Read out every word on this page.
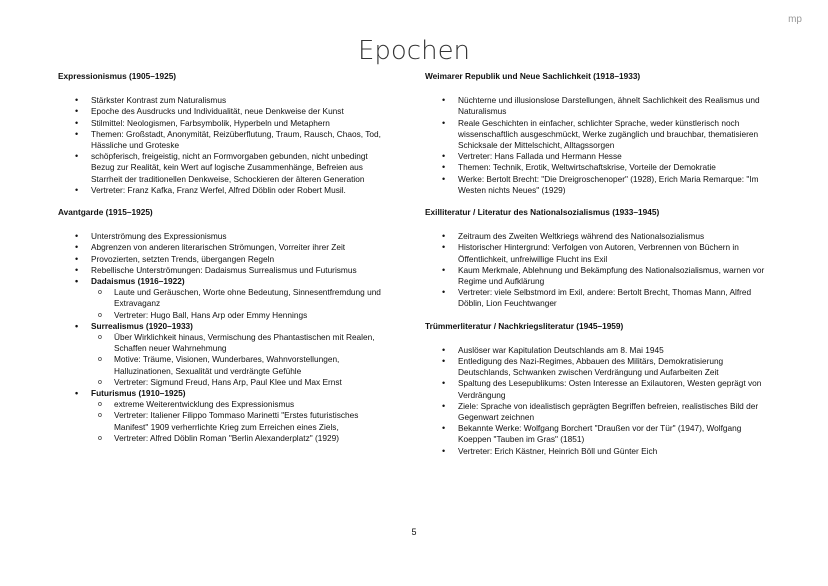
mp
Epochen
Expressionismus (1905–1925)
• Stärkster Kontrast zum Naturalismus
• Epoche des Ausdrucks und Individualität, neue Denkweise der Kunst
• Stilmittel: Neologismen, Farbsymbolik, Hyperbeln und Metaphern
• Themen: Großstadt, Anonymität, Reizüberflutung, Traum, Rausch, Chaos, Tod, Hässliche und Groteske
• schöpferisch, freigeistig, nicht an Formvorgaben gebunden, nicht unbedingt Bezug zur Realität, kein Wert auf logische Zusammenhänge, Befreien aus Starrheit der traditionellen Denkweise, Schockieren der älteren Generation
• Vertreter: Franz Kafka, Franz Werfel, Alfred Döblin oder Robert Musil.
Avantgarde (1915–1925)
• Unterströmung des Expressionismus
• Abgrenzen von anderen literarischen Strömungen, Vorreiter ihrer Zeit
• Provozierten, setzten Trends, übergangen Regeln
• Rebellische Unterströmungen: Dadaismus Surrealismus und Futurismus
• Dadaismus (1916–1922)
o Laute und Geräuschen, Worte ohne Bedeutung, Sinnesentfremdung und Extravaganz
o Vertreter: Hugo Ball, Hans Arp oder Emmy Hennings
• Surrealismus (1920–1933)
o Über Wirklichkeit hinaus, Vermischung des Phantastischen mit Realen, Schaffen neuer Wahrnehmung
o Motive: Träume, Visionen, Wunderbares, Wahnvorstellungen, Halluzinationen, Sexualität und verdrängte Gefühle
o Vertreter: Sigmund Freud, Hans Arp, Paul Klee und Max Ernst
• Futurismus (1910–1925)
o extreme Weiterentwicklung des Expressionismus
o Vertreter: Italiener Filippo Tommaso Marinetti "Erstes futuristisches Manifest" 1909 verherrlichte Krieg zum Erreichen eines Ziels,
o Vertreter: Alfred Döblin Roman "Berlin Alexanderplatz" (1929)
Weimarer Republik und Neue Sachlichkeit (1918–1933)
• Nüchterne und illusionslose Darstellungen, ähnelt Sachlichkeit des Realismus und Naturalismus
• Reale Geschichten in einfacher, schlichter Sprache, weder künstlerisch noch wissenschaftlich ausgeschmückt, Werke zugänglich und brauchbar, thematisieren Schicksale der Mittelschicht, Alltagssorgen
• Vertreter: Hans Fallada und Hermann Hesse
• Themen: Technik, Erotik, Weltwirtschaftskrise, Vorteile der Demokratie
• Werke: Bertolt Brecht: "Die Dreigroschenoper" (1928), Erich Maria Remarque: "Im Westen nichts Neues" (1929)
Exilliteratur / Literatur des Nationalsozialismus (1933–1945)
• Zeitraum des Zweiten Weltkriegs während des Nationalsozialismus
• Historischer Hintergrund: Verfolgen von Autoren, Verbrennen von Büchern in Öffentlichkeit, unfreiwillige Flucht ins Exil
• Kaum Merkmale, Ablehnung und Bekämpfung des Nationalsozialismus, warnen vor Regime und Aufklärung
• Vertreter: viele Selbstmord im Exil, andere: Bertolt Brecht, Thomas Mann, Alfred Döblin, Lion Feuchtwanger
Trümmerliteratur / Nachkriegsliteratur (1945–1959)
• Auslöser war Kapitulation Deutschlands am 8. Mai 1945
• Entledigung des Nazi-Regimes, Abbauen des Militärs, Demokratisierung Deutschlands, Schwanken zwischen Verdrängung und Aufarbeiten Zeit
• Spaltung des Lesepublikums: Osten Interesse an Exilautoren, Westen geprägt von Verdrängung
• Ziele: Sprache von idealistisch geprägten Begriffen befreien, realistisches Bild der Gegenwart zeichnen
• Bekannte Werke: Wolfgang Borchert "Draußen vor der Tür" (1947), Wolfgang Koeppen "Tauben im Gras" (1851)
• Vertreter: Erich Kästner, Heinrich Böll und Günter Eich
5
